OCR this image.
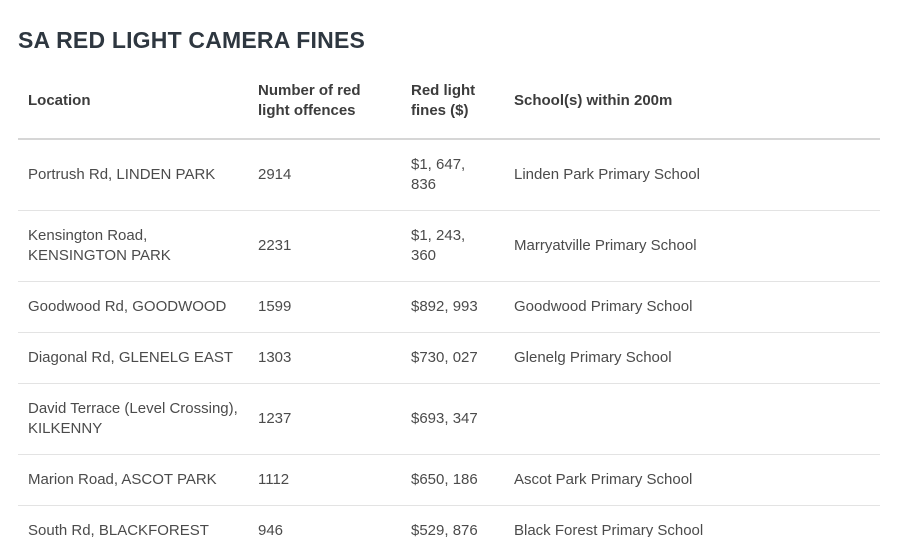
SA RED LIGHT CAMERA FINES
Location	Number of red light offences	Red light fines ($)	School(s) within 200m
Portrush Rd, LINDEN PARK	2914	$1, 647, 836	Linden Park Primary School
Kensington Road, KENSINGTON PARK	2231	$1, 243, 360	Marryatville Primary School
Goodwood Rd, GOODWOOD	1599	$892, 993	Goodwood Primary School
Diagonal Rd, GLENELG EAST	1303	$730, 027	Glenelg Primary School
David Terrace (Level Crossing), KILKENNY	1237	$693, 347	
Marion Road, ASCOT PARK	1112	$650, 186	Ascot Park Primary School
South Rd, BLACKFOREST	946	$529, 876	Black Forest Primary School
